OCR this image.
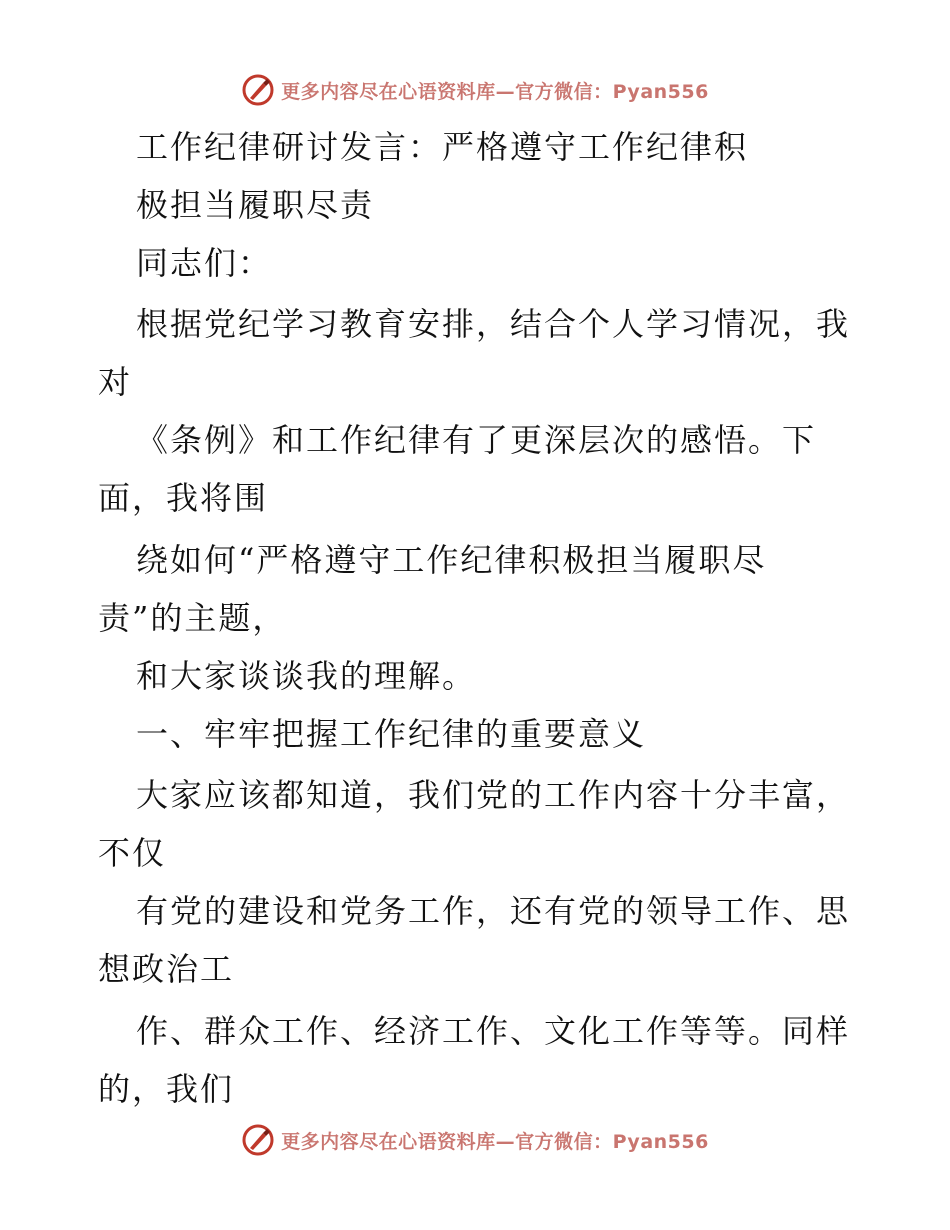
更多内容尽在心语资料库—官方微信：Pyan556
工作纪律研讨发言：严格遵守工作纪律积
极担当履职尽责
同志们：
根据党纪学习教育安排，结合个人学习情况，我
对
《条例》和工作纪律有了更深层次的感悟。下
面，我将围
绕如何“严格遵守工作纪律积极担当履职尽
责”的主题，
和大家谈谈我的理解。
一、牢牢把握工作纪律的重要意义
大家应该都知道，我们党的工作内容十分丰富，
不仅
有党的建设和党务工作，还有党的领导工作、思
想政治工
作、群众工作、经济工作、文化工作等等。同样
的，我们
更多内容尽在心语资料库—官方微信：Pyan556
